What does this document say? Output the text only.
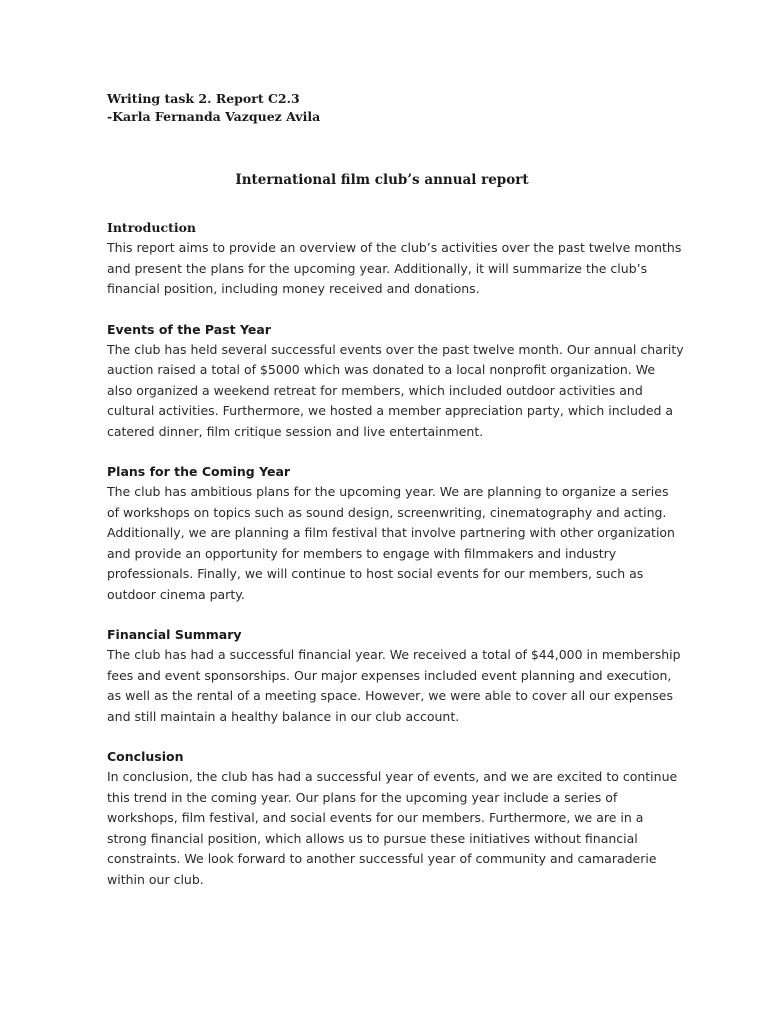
Writing task 2. Report C2.3
-Karla Fernanda Vazquez Avila
International film club’s annual report
Introduction
This report aims to provide an overview of the club’s activities over the past twelve months
and present the plans for the upcoming year. Additionally, it will summarize the club’s
financial position, including money received and donations.
Events of the Past Year
The club has held several successful events over the past twelve month. Our annual charity
auction raised a total of $5000 which was donated to a local nonprofit organization. We
also organized a weekend retreat for members, which included outdoor activities and
cultural activities. Furthermore, we hosted a member appreciation party, which included a
catered dinner, film critique session and live entertainment.
Plans for the Coming Year
The club has ambitious plans for the upcoming year. We are planning to organize a series
of workshops on topics such as sound design, screenwriting, cinematography and acting.
Additionally, we are planning a film festival that involve partnering with other organization
and provide an opportunity for members to engage with filmmakers and industry
professionals. Finally, we will continue to host social events for our members, such as
outdoor cinema party.
Financial Summary
The club has had a successful financial year. We received a total of $44,000 in membership
fees and event sponsorships. Our major expenses included event planning and execution,
as well as the rental of a meeting space. However, we were able to cover all our expenses
and still maintain a healthy balance in our club account.
Conclusion
In conclusion, the club has had a successful year of events, and we are excited to continue
this trend in the coming year. Our plans for the upcoming year include a series of
workshops, film festival, and social events for our members. Furthermore, we are in a
strong financial position, which allows us to pursue these initiatives without financial
constraints. We look forward to another successful year of community and camaraderie
within our club.
